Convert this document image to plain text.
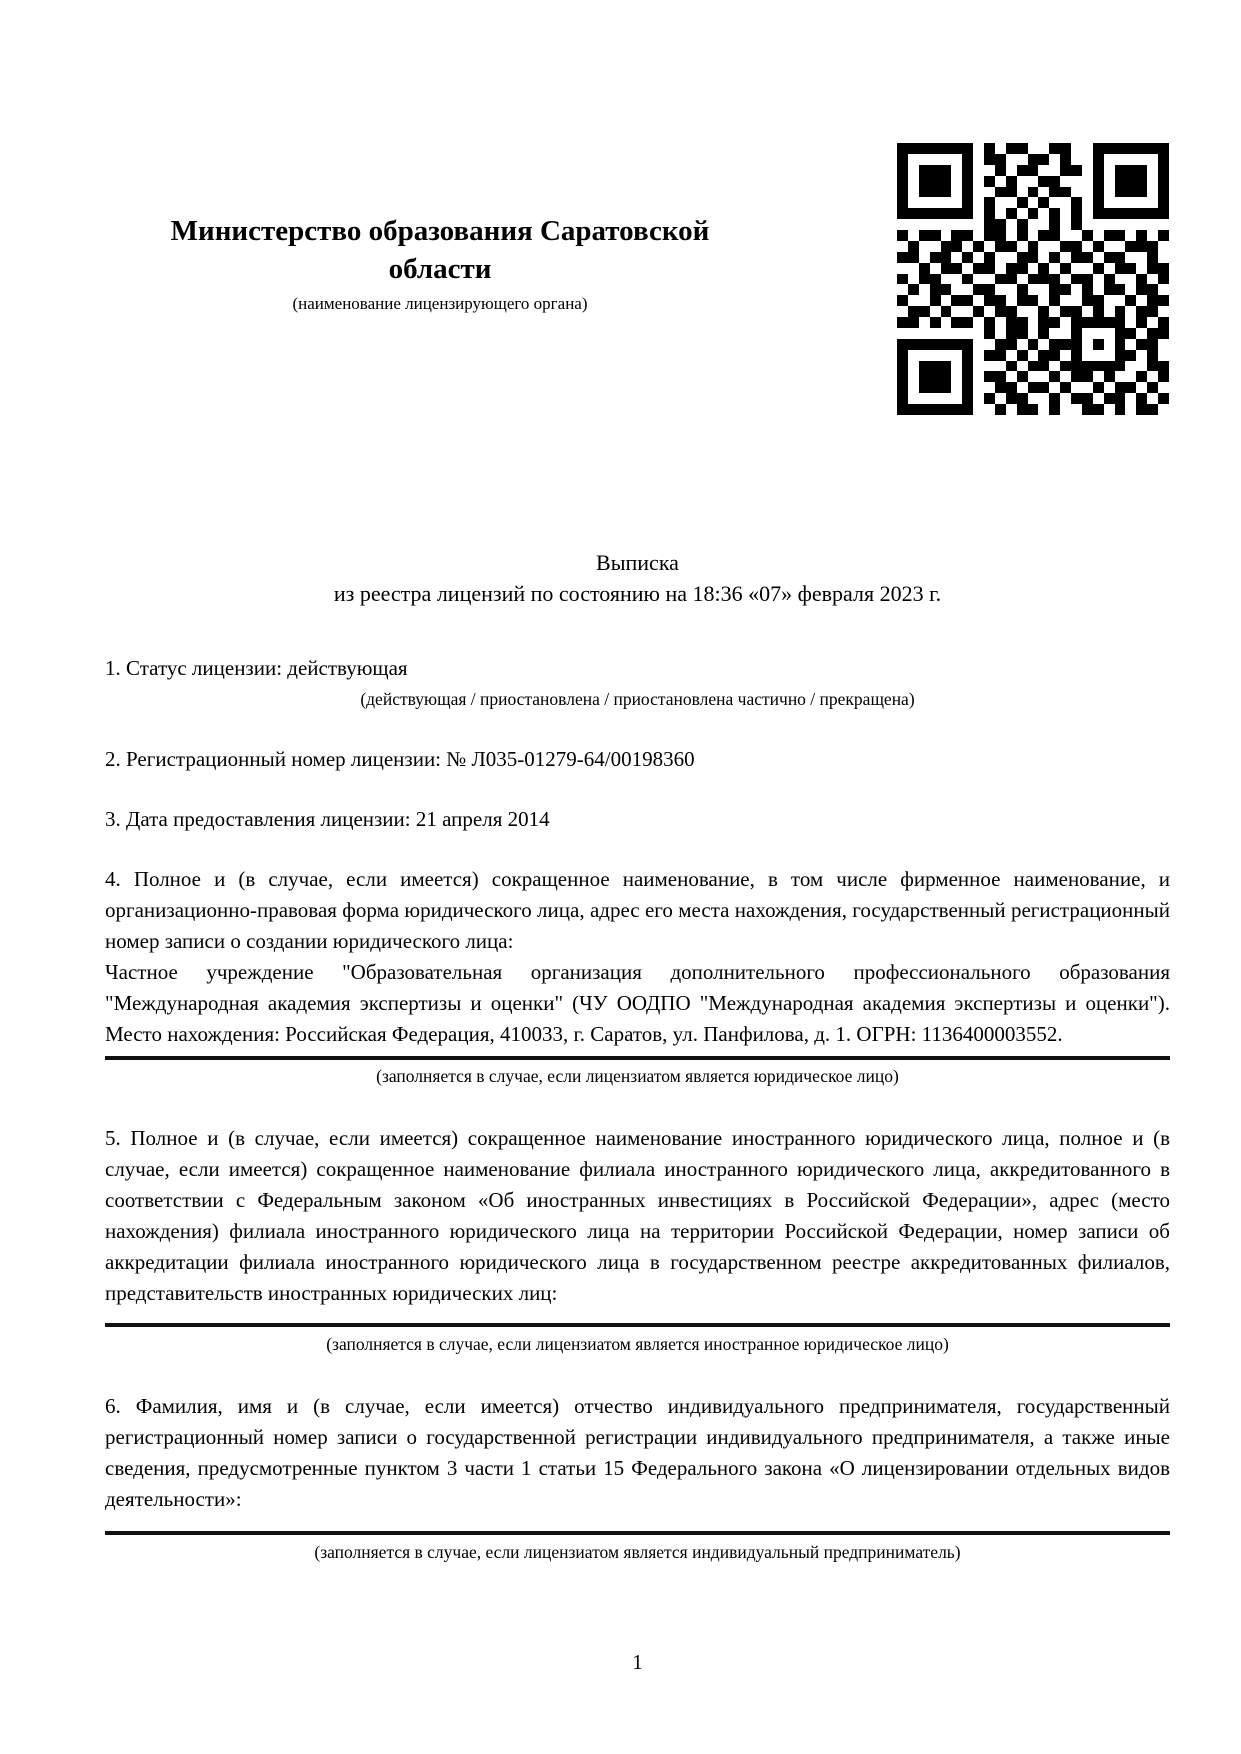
Министерство образования Саратовской области
(наименование лицензирующего органа)
Выписка
из реестра лицензий по состоянию на 18:36 «07» февраля 2023 г.

1. Статус лицензии: действующая

(действующая / приостановлена / приостановлена частично / прекращена)

2. Регистрационный номер лицензии: № Л035-01279-64/00198360

3. Дата предоставления лицензии: 21 апреля 2014

4. Полное и (в случае, если имеется) сокращенное наименование, в том числе фирменное наименование, и организационно-правовая форма юридического лица, адрес его места нахождения, государственный регистрационный номер записи о создании юридического лица:

Частное учреждение "Образовательная организация дополнительного профессионального образования "Международная академия экспертизы и оценки" (ЧУ ООДПО "Международная академия экспертизы и оценки"). Место нахождения: Российская Федерация, 410033, г. Саратов, ул. Панфилова, д. 1. ОГРН: 1136400003552.

(заполняется в случае, если лицензиатом является юридическое лицо)

5. Полное и (в случае, если имеется) сокращенное наименование иностранного юридического лица, полное и (в случае, если имеется) сокращенное наименование филиала иностранного юридического лица, аккредитованного в соответствии с Федеральным законом «Об иностранных инвестициях в Российской Федерации», адрес (место нахождения) филиала иностранного юридического лица на территории Российской Федерации, номер записи об аккредитации филиала иностранного юридического лица в государственном реестре аккредитованных филиалов, представительств иностранных юридических лиц:

(заполняется в случае, если лицензиатом является иностранное юридическое лицо)

6. Фамилия, имя и (в случае, если имеется) отчество индивидуального предпринимателя, государственный регистрационный номер записи о государственной регистрации индивидуального предпринимателя, а также иные сведения, предусмотренные пунктом 3 части 1 статьи 15 Федерального закона «О лицензировании отдельных видов деятельности»:

(заполняется в случае, если лицензиатом является индивидуальный предприниматель)
1
